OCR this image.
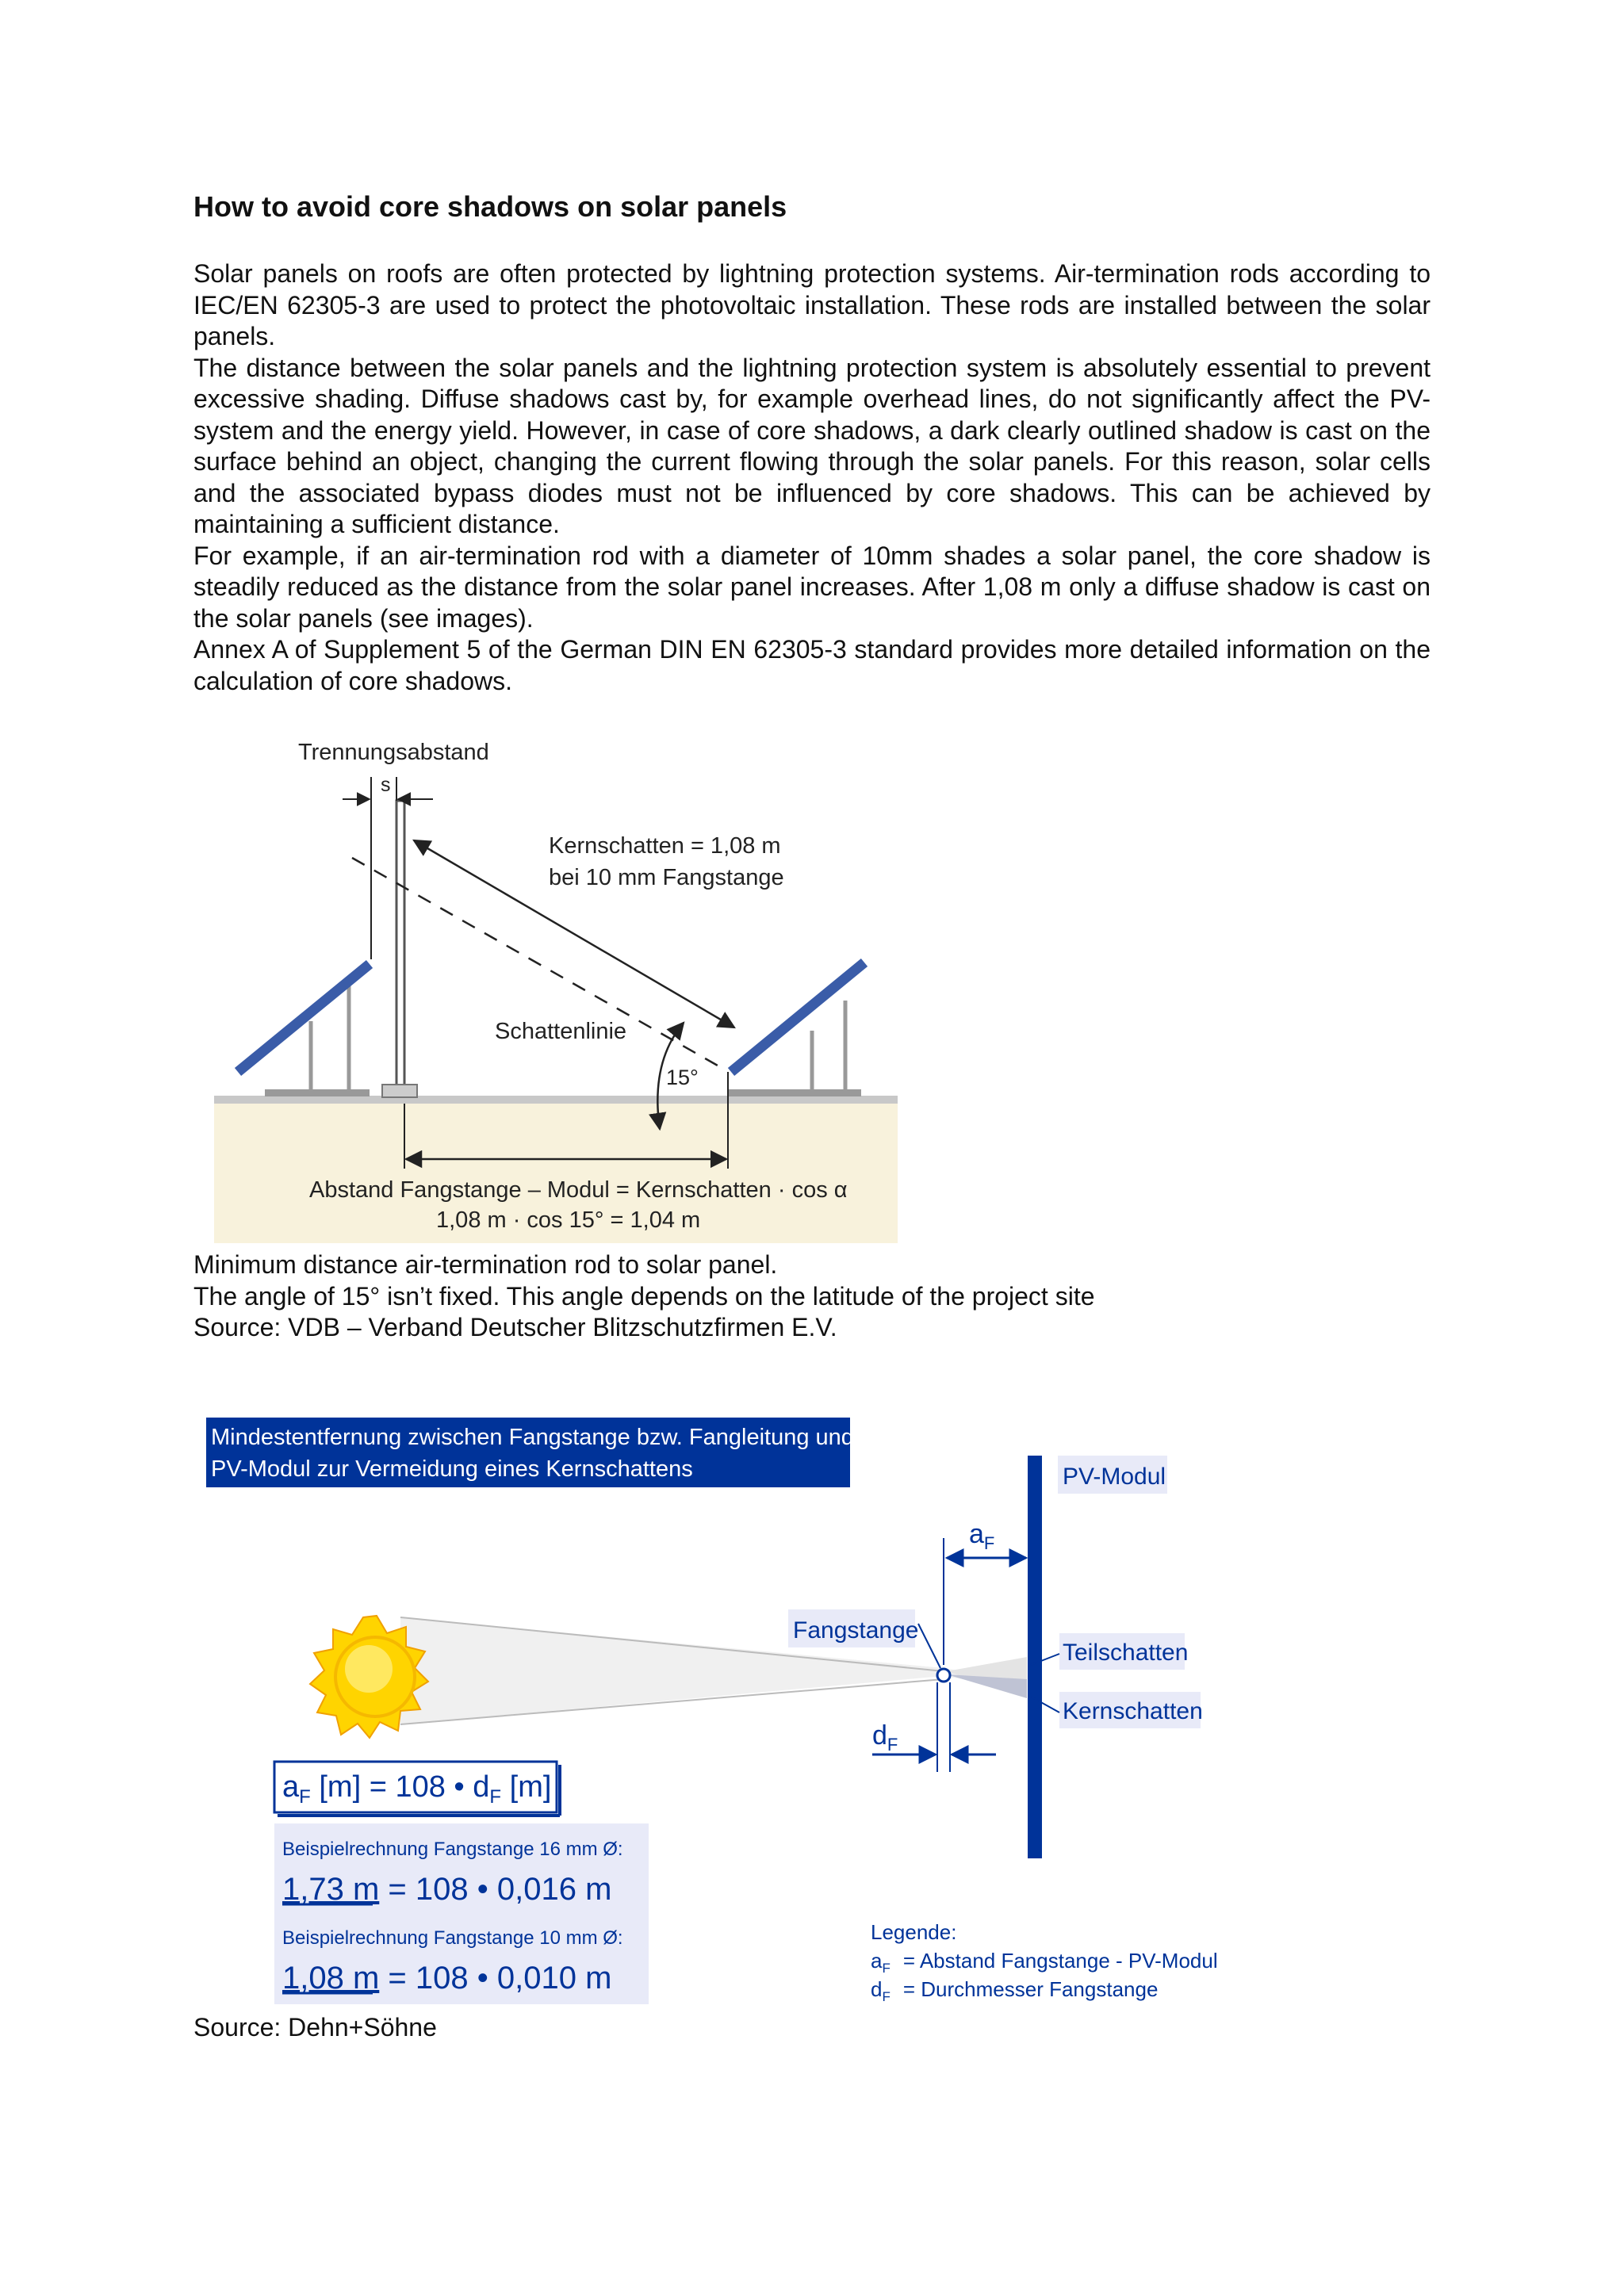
How to avoid core shadows on solar panels

Solar panels on roofs are often protected by lightning protection systems. Air-termination rods according to IEC/EN 62305-3 are used to protect the photovoltaic installation. These rods are installed between the solar panels.

The distance between the solar panels and the lightning protection system is absolutely essential to prevent excessive shading. Diffuse shadows cast by, for example overhead lines, do not significantly affect the PV-system and the energy yield. However, in case of core shadows, a dark clearly outlined shadow is cast on the surface behind an object, changing the current flowing through the solar panels. For this reason, solar cells and the associated bypass diodes must not be influenced by core shadows. This can be achieved by maintaining a sufficient distance.

For example, if an air-termination rod with a diameter of 10mm shades a solar panel, the core shadow is steadily reduced as the distance from the solar panel increases. After 1,08 m only a diffuse shadow is cast on the solar panels (see images).

Annex A of Supplement 5 of the German DIN EN 62305-3 standard provides more detailed information on the calculation of core shadows.

Trennungsabstand
s
Kernschatten = 1,08 m
bei 10 mm Fangstange
Schattenlinie
15°
Abstand Fangstange – Modul = Kernschatten · cos α
1,08 m · cos 15° = 1,04 m
Minimum distance air-termination rod to solar panel.
The angle of 15° isn’t fixed. This angle depends on the latitude of the project site
Source: VDB – Verband Deutscher Blitzschutzfirmen E.V.
Mindestentfernung zwischen Fangstange bzw. Fangleitung und
PV-Modul zur Vermeidung eines Kernschattens	PV-Modul
$a_F$
Fangstange
$d_F$
Teilschatten
Kernschatten
$a_F$ [m] = 108 • $d_F$ [m]
Beispielrechnung Fangstange 16 mm Ø:
1,73 m = 108 • 0,016 m
Beispielrechnung Fangstange 10 mm Ø:
1,08 m = 108 • 0,010 m
Legende:
$a_F = Abstand$ Fangstange - PV-Modul
$d_F$ = Durchmesser Fangstange
Source: Dehn+Söhne
